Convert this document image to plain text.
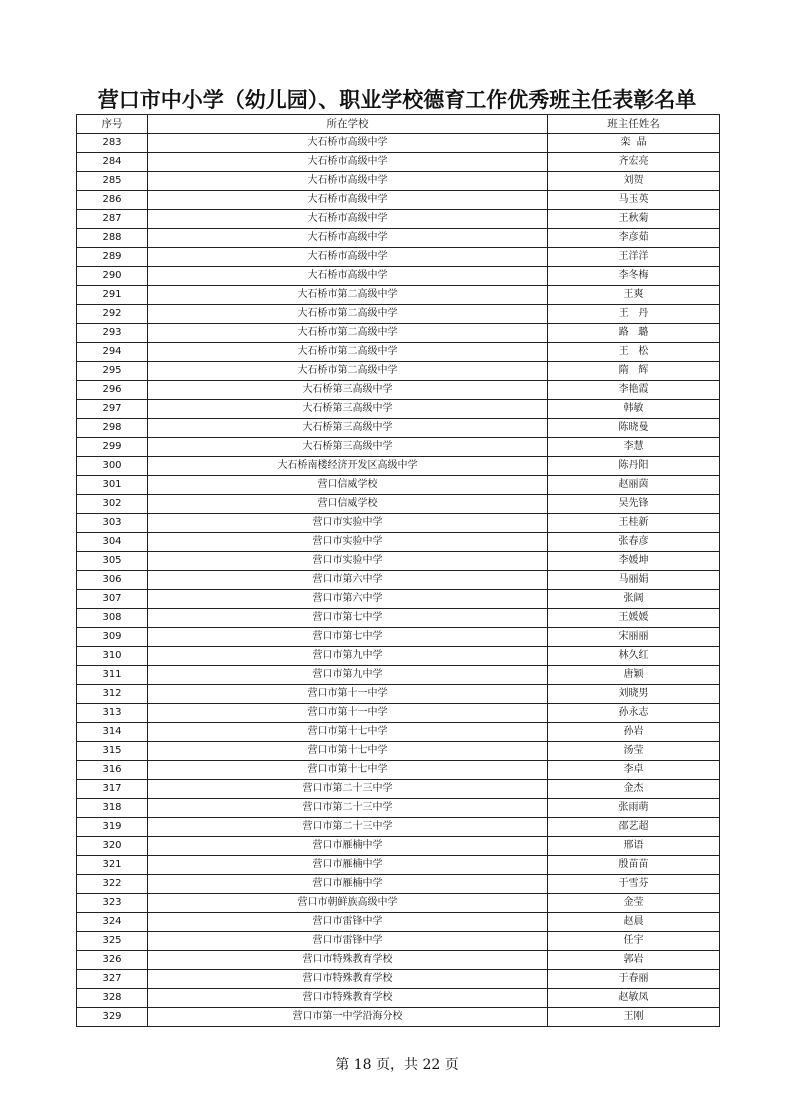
营口市中小学（幼儿园）、职业学校德育工作优秀班主任表彰名单
序号	所在学校	班主任姓名
283	大石桥市高级中学	栾  晶
284	大石桥市高级中学	齐宏亮
285	大石桥市高级中学	刘贺
286	大石桥市高级中学	马玉英
287	大石桥市高级中学	王秋菊
288	大石桥市高级中学	李彦茹
289	大石桥市高级中学	王洋洋
290	大石桥市高级中学	李冬梅
291	大石桥市第二高级中学	王爽
292	大石桥市第二高级中学	王   丹
293	大石桥市第二高级中学	路   璐
294	大石桥市第二高级中学	王   松
295	大石桥市第二高级中学	隋   辉
296	大石桥第三高级中学	李艳霞
297	大石桥第三高级中学	韩敏
298	大石桥第三高级中学	陈晓曼
299	大石桥第三高级中学	李慧
300	大石桥南楼经济开发区高级中学	陈丹阳
301	营口信威学校	赵丽茵
302	营口信威学校	吴先锋
303	营口市实验中学	王桂新
304	营口市实验中学	张春彦
305	营口市实验中学	李媛坤
306	营口市第六中学	马丽娟
307	营口市第六中学	张阔
308	营口市第七中学	王媛媛
309	营口市第七中学	宋丽丽
310	营口市第九中学	林久红
311	营口市第九中学	唐颖
312	营口市第十一中学	刘晓男
313	营口市第十一中学	孙永志
314	营口市第十七中学	孙岩
315	营口市第十七中学	汤莹
316	营口市第十七中学	李卓
317	营口市第二十三中学	金杰
318	营口市第二十三中学	张雨萌
319	营口市第二十三中学	邵艺超
320	营口市雁楠中学	邢语
321	营口市雁楠中学	殷苗苗
322	营口市雁楠中学	于雪芬
323	营口市朝鲜族高级中学	金莹
324	营口市雷锋中学	赵晨
325	营口市雷锋中学	任宇
326	营口市特殊教育学校	郭岩
327	营口市特殊教育学校	于春丽
328	营口市特殊教育学校	赵敏凤
329	营口市第一中学沿海分校	王刚
第 18 页，共 22 页
